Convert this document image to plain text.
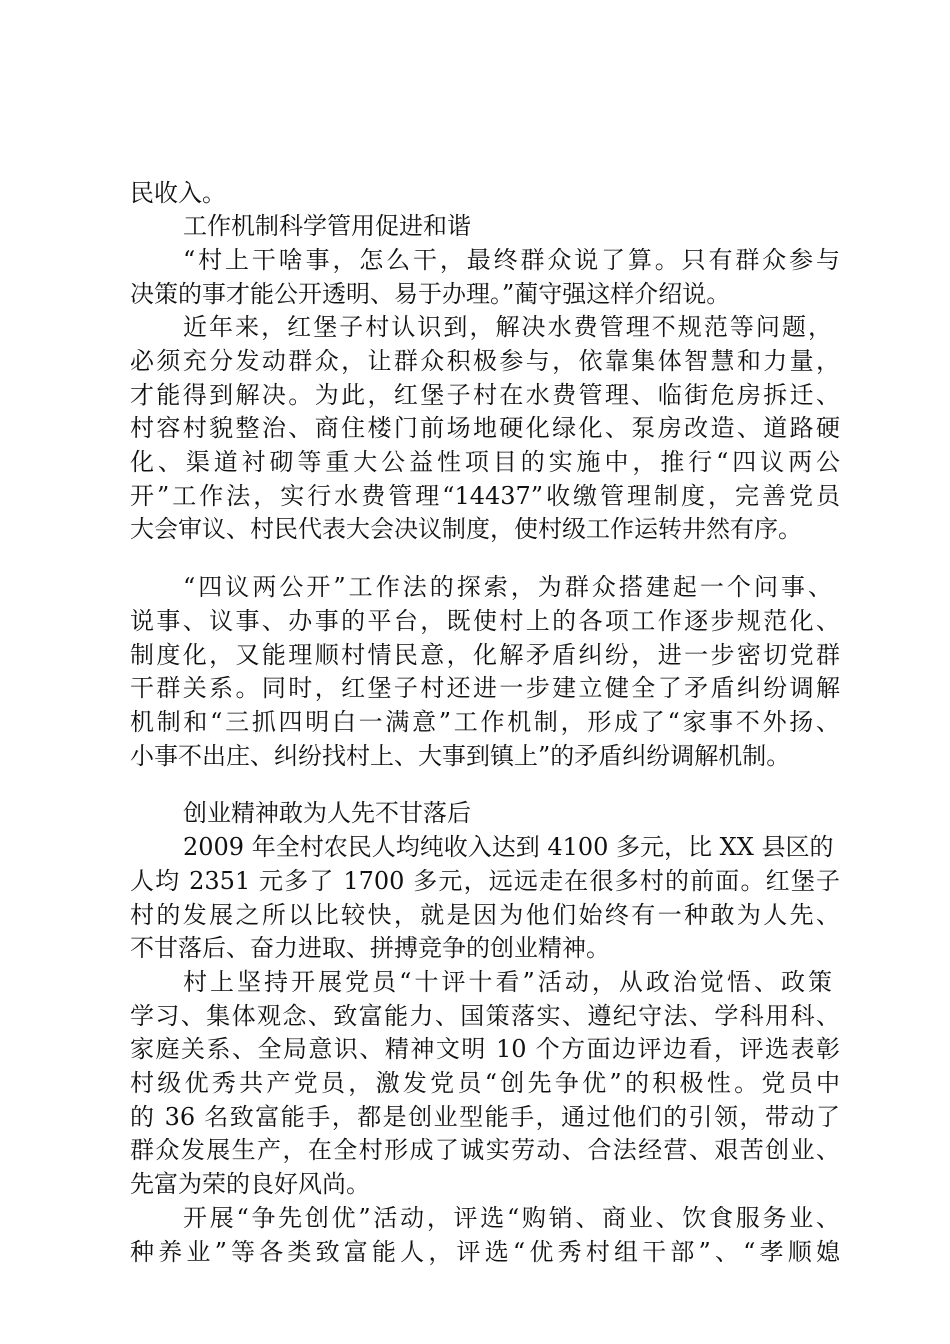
民收入。
工作机制科学管用促进和谐
“村上干啥事，怎么干，最终群众说了算。只有群众参与
决策的事才能公开透明、易于办理。”蔺守强这样介绍说。
近年来，红堡子村认识到，解决水费管理不规范等问题，
必须充分发动群众，让群众积极参与，依靠集体智慧和力量，
才能得到解决。为此，红堡子村在水费管理、临街危房拆迁、
村容村貌整治、商住楼门前场地硬化绿化、泵房改造、道路硬
化、渠道衬砌等重大公益性项目的实施中，推行“四议两公
开”工作法，实行水费管理“14437”收缴管理制度，完善党员
大会审议、村民代表大会决议制度，使村级工作运转井然有序。
“四议两公开”工作法的探索，为群众搭建起一个问事、
说事、议事、办事的平台，既使村上的各项工作逐步规范化、
制度化，又能理顺村情民意，化解矛盾纠纷，进一步密切党群
干群关系。同时，红堡子村还进一步建立健全了矛盾纠纷调解
机制和“三抓四明白一满意”工作机制，形成了“家事不外扬、
小事不出庄、纠纷找村上、大事到镇上”的矛盾纠纷调解机制。
创业精神敢为人先不甘落后
2009 年全村农民人均纯收入达到 4100 多元，比 XX 县区的
人均 2351 元多了 1700 多元，远远走在很多村的前面。红堡子
村的发展之所以比较快，就是因为他们始终有一种敢为人先、
不甘落后、奋力进取、拼搏竞争的创业精神。
村上坚持开展党员“十评十看”活动，从政治觉悟、政策
学习、集体观念、致富能力、国策落实、遵纪守法、学科用科、
家庭关系、全局意识、精神文明 10 个方面边评边看，评选表彰
村级优秀共产党员，激发党员“创先争优”的积极性。党员中
的 36 名致富能手，都是创业型能手，通过他们的引领，带动了
群众发展生产，在全村形成了诚实劳动、合法经营、艰苦创业、
先富为荣的良好风尚。
开展“争先创优”活动，评选“购销、商业、饮食服务业、
种养业”等各类致富能人，评选“优秀村组干部”、“孝顺媳
